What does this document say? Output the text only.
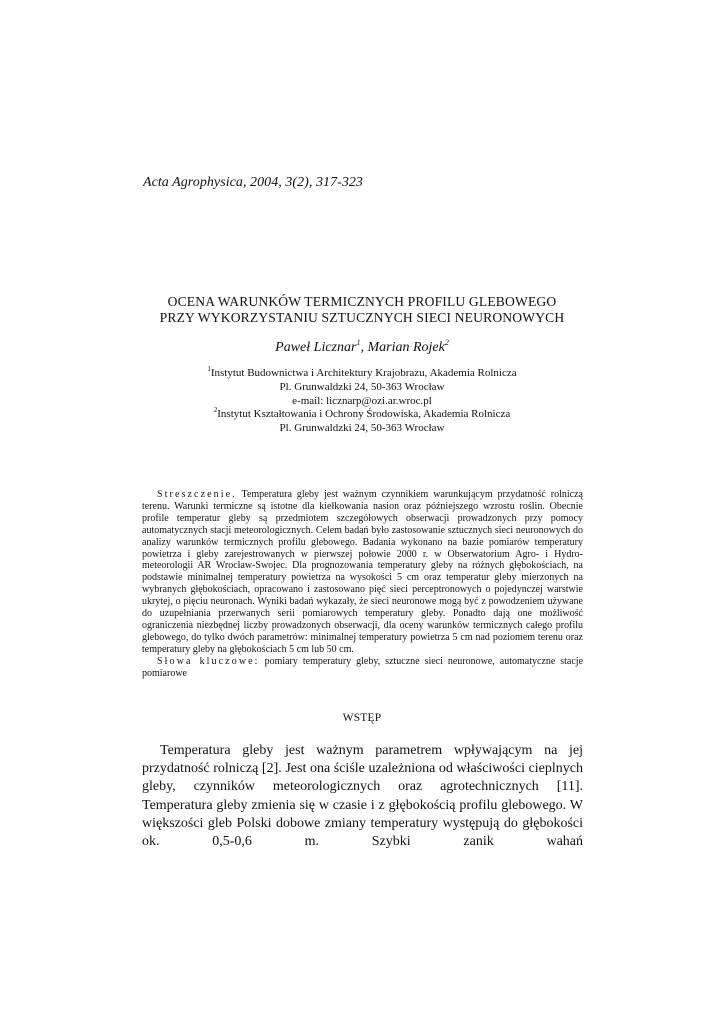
Acta Agrophysica, 2004, 3(2), 317-323
OCENA WARUNKÓW TERMICZNYCH PROFILU GLEBOWEGO
PRZY WYKORZYSTANIU SZTUCZNYCH SIECI NEURONOWYCH
Paweł Licznar$^1$, Marian Rojek$^2$
$^1$Instytut Budownictwa i Architektury Krajobrazu, Akademia Rolnicza
Pl. Grunwaldzki 24, 50-363 Wrocław
e-mail: licznarp@ozi.ar.wroc.pl
$^2$Instytut Kształtowania i Ochrony Środowiska, Akademia Rolnicza
Pl. Grunwaldzki 24, 50-363 Wrocław

Streszczenie. Temperatura gleby jest ważnym czynnikiem warunkującym przydatność rolniczą terenu. Warunki termiczne są istotne dla kiełkowania nasion oraz późniejszego wzrostu roślin. Obecnie profile temperatur gleby są przedmiotem szczegółowych obserwacji prowadzonych przy pomocy automatycznych stacji meteorologicznych. Celem badań było zastosowanie sztucznych sieci neuronowych do analizy warunków termicznych profilu glebowego. Badania wykonano na bazie pomiarów temperatury powietrza i gleby zarejestrowanych w pierwszej połowie 2000 r. w Obserwatorium Agro- i Hydro-meteorologii AR Wrocław-Swojec. Dla prognozowania temperatury gleby na różnych głębokościach, na podstawie minimalnej temperatury powietrza na wysokości 5 cm oraz temperatur gleby mierzonych na wybranych głębokościach, opracowano i zastosowano pięć sieci perceptronowych o pojedynczej warstwie ukrytej, o pięciu neuronach. Wyniki badań wykazały, że sieci neuronowe mogą być z powodzeniem używane do uzupełniania przerwanych serii pomiarowych temperatury gleby. Ponadto dają one możliwość ograniczenia niezbędnej liczby prowadzonych obserwacji, dla oceny warunków termicznych całego profilu glebowego, do tylko dwóch parametrów: minimalnej temperatury powietrza 5 cm nad poziomem terenu oraz temperatury gleby na głębokościach 5 cm lub 50 cm.

Słowa kluczowe: pomiary temperatury gleby, sztuczne sieci neuronowe, automatyczne stacje pomiarowe

WSTĘP

Temperatura gleby jest ważnym parametrem wpływającym na jej przydatność rolniczą [2]. Jest ona ściśle uzależniona od właściwości cieplnych gleby, czynników meteorologicznych oraz agrotechnicznych [11]. Temperatura gleby zmienia się w czasie i z głębokością profilu glebowego. W większości gleb Polski dobowe zmiany temperatury występują do głębokości ok. 0,5-0,6 m. Szybki zanik wahań
